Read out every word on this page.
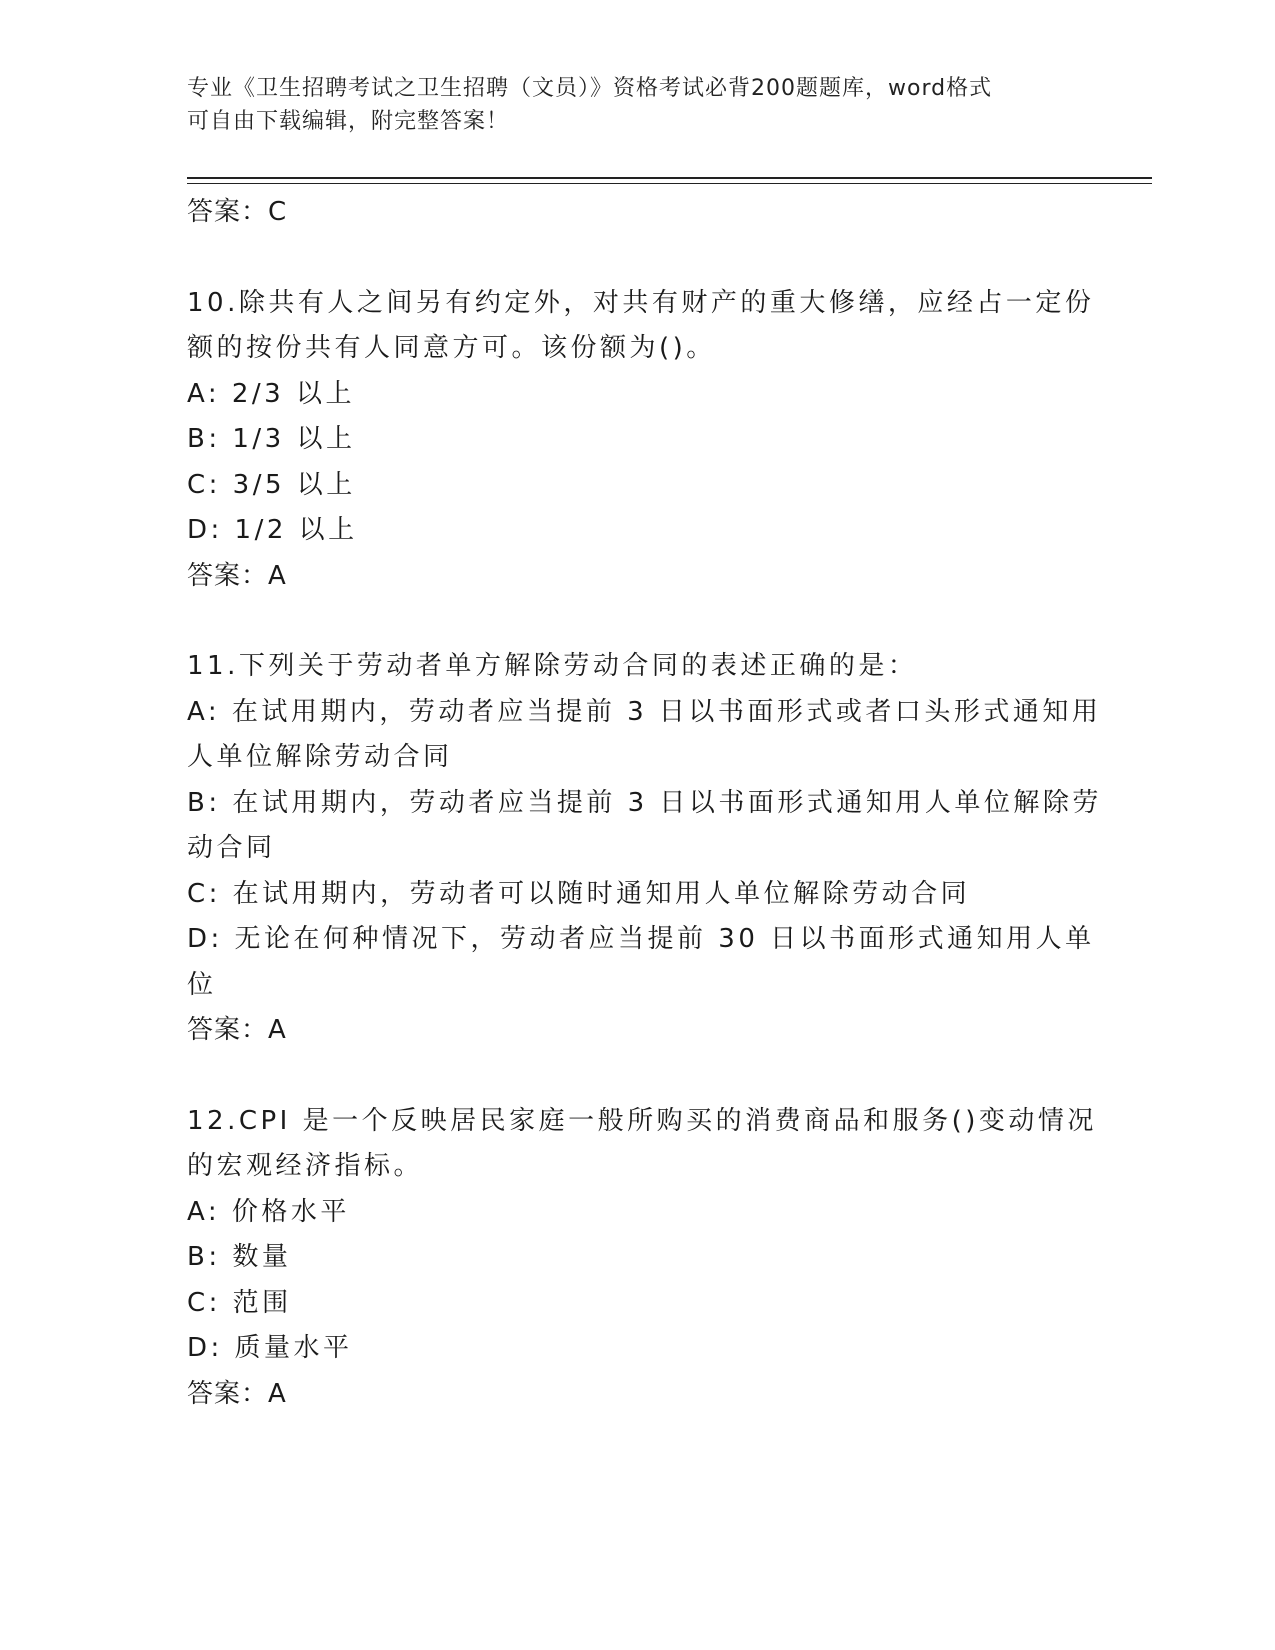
专业《卫生招聘考试之卫生招聘（文员）》资格考试必背200题题库，word格式
可自由下载编辑，附完整答案！
答案：C
10.除共有人之间另有约定外，对共有财产的重大修缮，应经占一定份
额的按份共有人同意方可。该份额为()。
A: 2/3 以上
B: 1/3 以上
C: 3/5 以上
D: 1/2 以上
答案：A
11.下列关于劳动者单方解除劳动合同的表述正确的是：
A: 在试用期内，劳动者应当提前 3 日以书面形式或者口头形式通知用
人单位解除劳动合同
B: 在试用期内，劳动者应当提前 3 日以书面形式通知用人单位解除劳
动合同
C: 在试用期内，劳动者可以随时通知用人单位解除劳动合同
D: 无论在何种情况下，劳动者应当提前 30 日以书面形式通知用人单
位
答案：A
12.CPI 是一个反映居民家庭一般所购买的消费商品和服务()变动情况
的宏观经济指标。
A: 价格水平
B: 数量
C: 范围
D: 质量水平
答案：A
